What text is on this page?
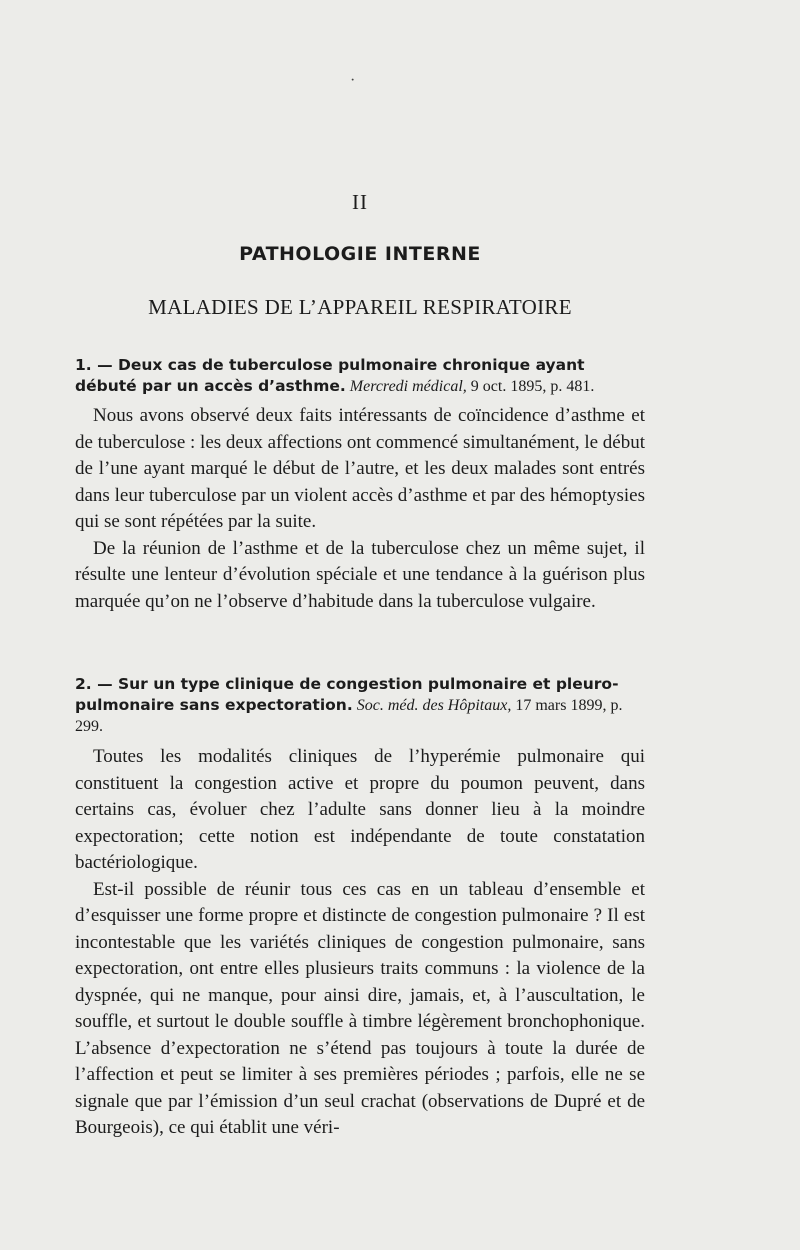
·
II
PATHOLOGIE INTERNE
MALADIES DE L’APPAREIL RESPIRATOIRE
1. — Deux cas de tuberculose pulmonaire chronique ayant débuté par un accès d’asthme. Mercredi médical, 9 oct. 1895, p. 481.

Nous avons observé deux faits intéressants de coïncidence d’asthme et de tuberculose : les deux affections ont commencé simultanément, le début de l’une ayant marqué le début de l’autre, et les deux malades sont entrés dans leur tuberculose par un violent accès d’asthme et par des hémoptysies qui se sont répétées par la suite.

De la réunion de l’asthme et de la tuberculose chez un même sujet, il résulte une lenteur d’évolution spéciale et une tendance à la guérison plus marquée qu’on ne l’observe d’habitude dans la tuberculose vulgaire.

2. — Sur un type clinique de congestion pulmonaire et pleuro-pulmonaire sans expectoration. Soc. méd. des Hôpitaux, 17 mars 1899, p. 299.

Toutes les modalités cliniques de l’hyperémie pulmonaire qui constituent la congestion active et propre du poumon peuvent, dans certains cas, évoluer chez l’adulte sans donner lieu à la moindre expectoration; cette notion est indépendante de toute constatation bactériologique.

Est-il possible de réunir tous ces cas en un tableau d’ensemble et d’esquisser une forme propre et distincte de congestion pulmonaire ? Il est incontestable que les variétés cliniques de congestion pulmonaire, sans expectoration, ont entre elles plusieurs traits communs : la violence de la dyspnée, qui ne manque, pour ainsi dire, jamais, et, à l’auscultation, le souffle, et surtout le double souffle à timbre légèrement bronchophonique. L’absence d’expectoration ne s’étend pas toujours à toute la durée de l’affection et peut se limiter à ses premières périodes ; parfois, elle ne se signale que par l’émission d’un seul crachat (observations de Dupré et de Bourgeois), ce qui établit une véri-
